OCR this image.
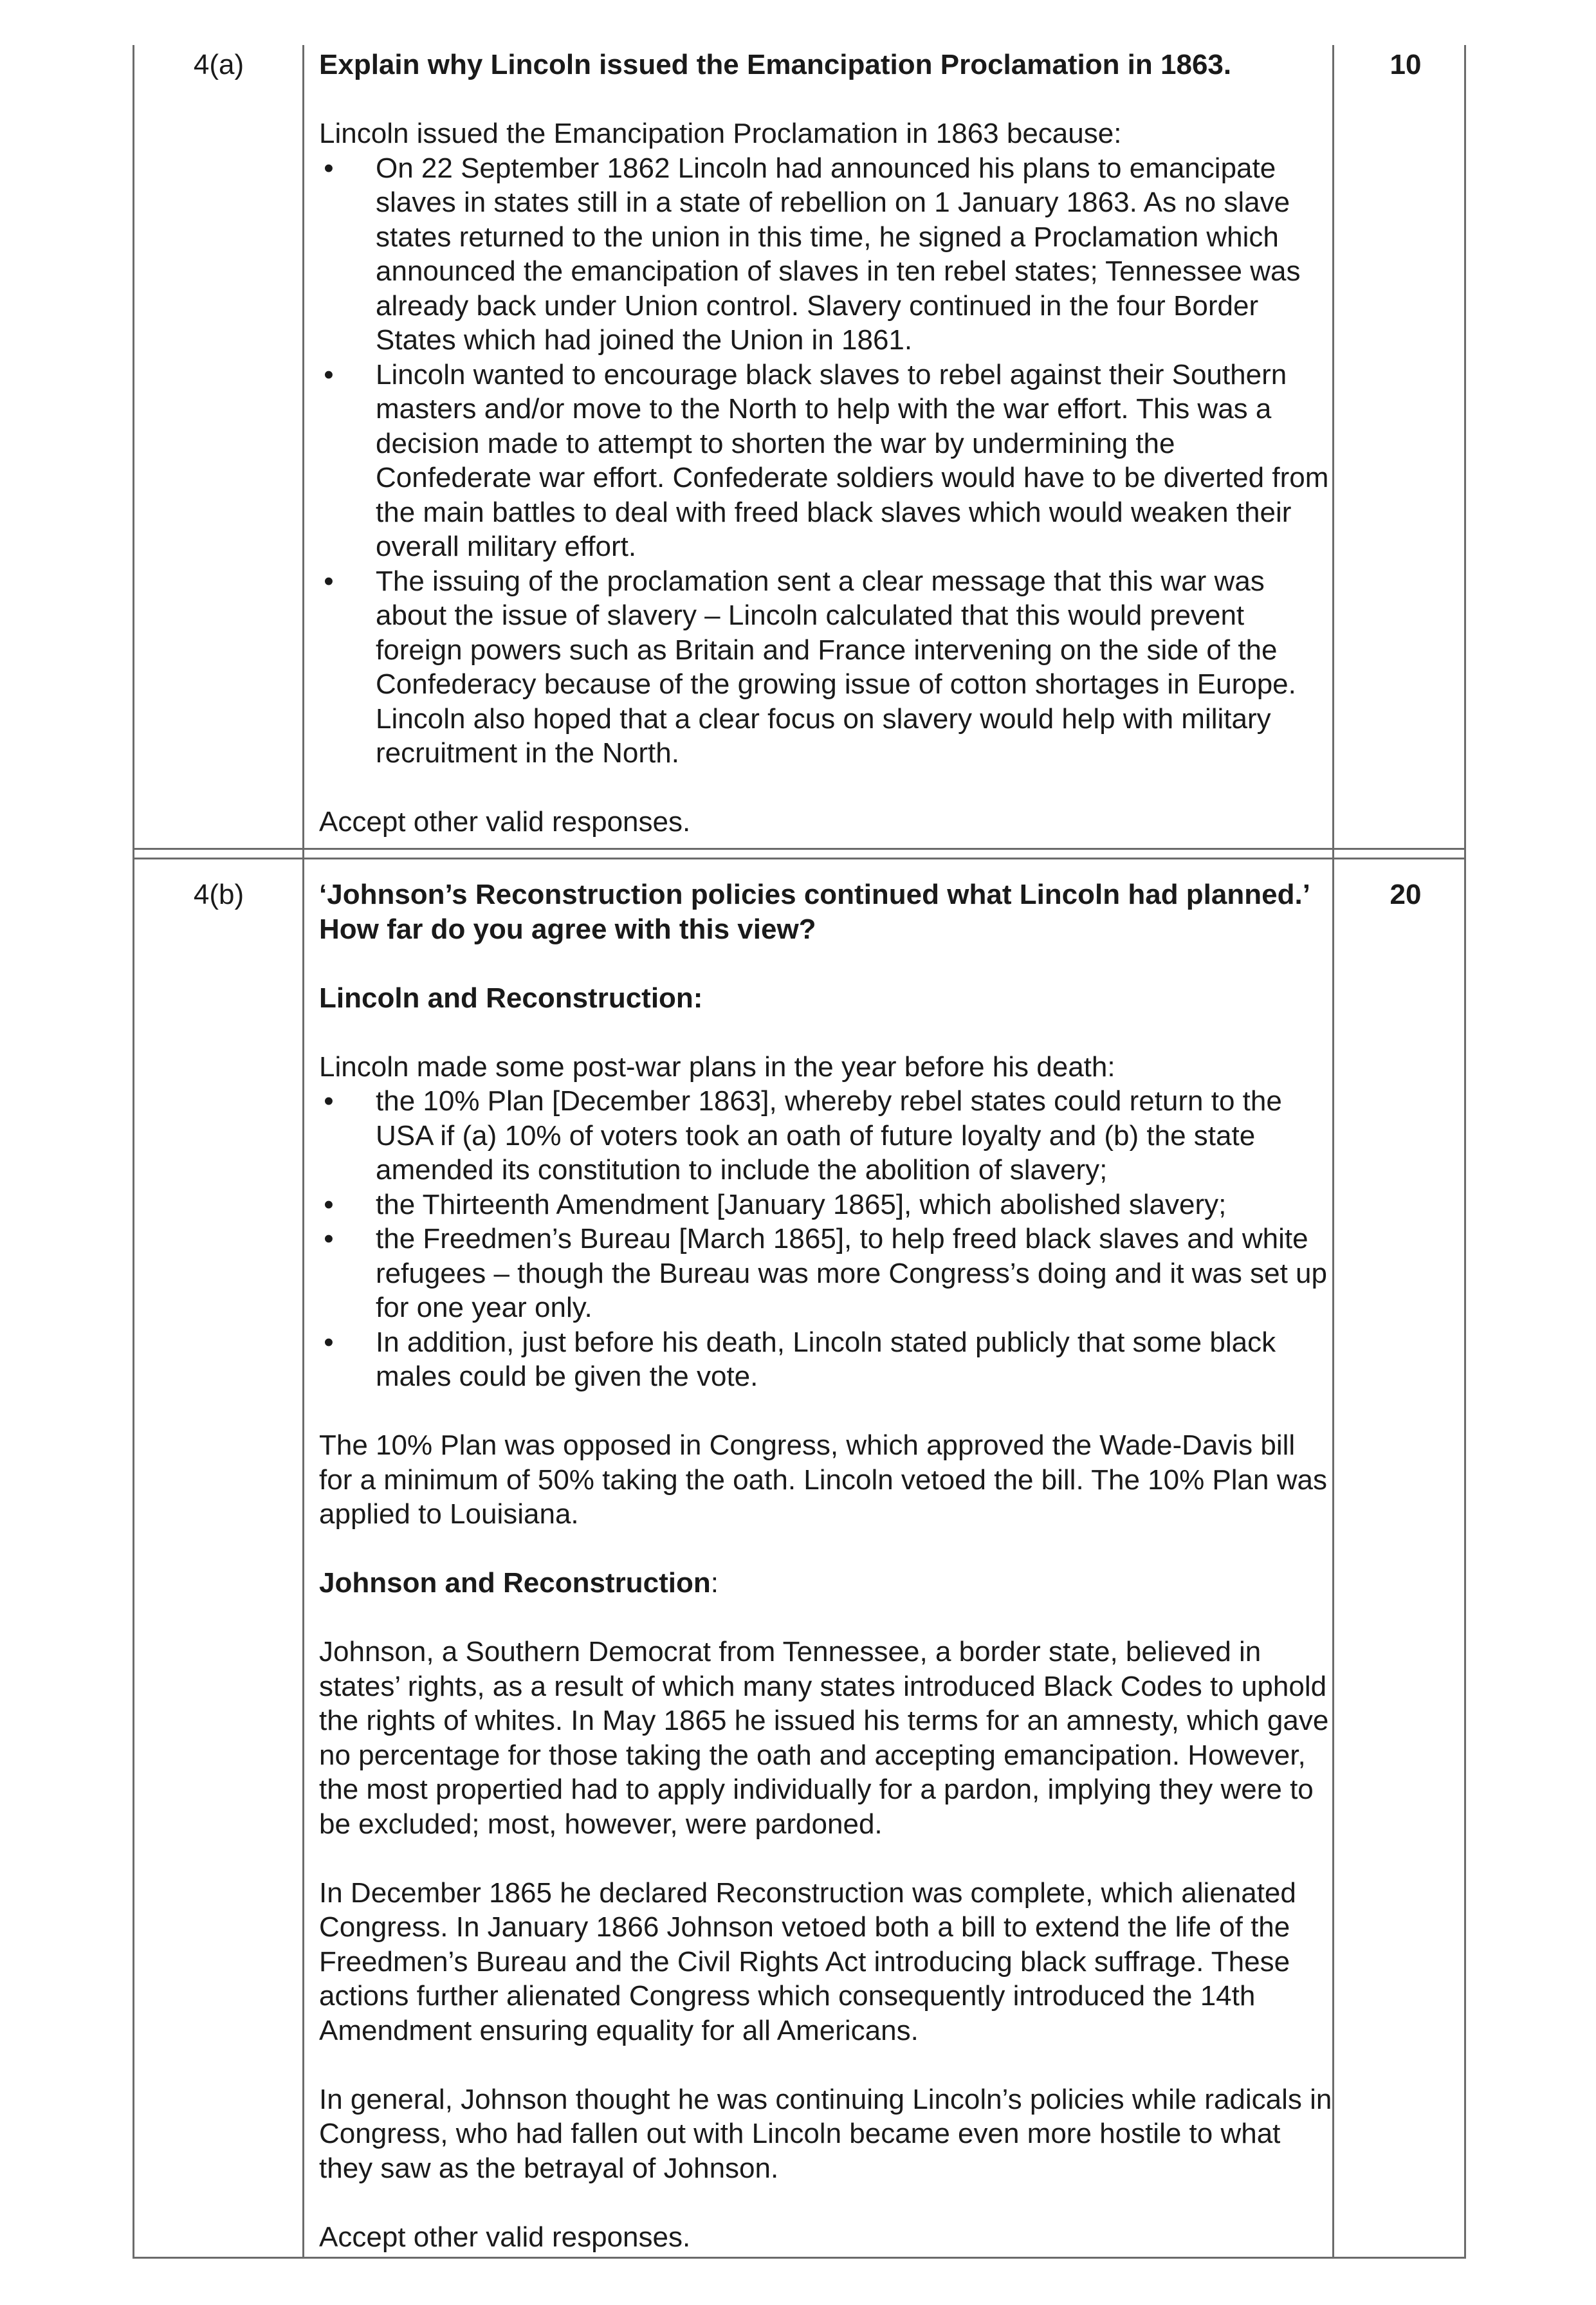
4(a)	10

Explain why Lincoln issued the Emancipation Proclamation in 1863.

Lincoln issued the Emancipation Proclamation in 1863 because:

• On 22 September 1862 Lincoln had announced his plans to emancipate slaves in states still in a state of rebellion on 1 January 1863. As no slave states returned to the union in this time, he signed a Proclamation which announced the emancipation of slaves in ten rebel states; Tennessee was already back under Union control. Slavery continued in the four Border States which had joined the Union in 1861.
• Lincoln wanted to encourage black slaves to rebel against their Southern masters and/or move to the North to help with the war effort. This was a decision made to attempt to shorten the war by undermining the Confederate war effort. Confederate soldiers would have to be diverted from the main battles to deal with freed black slaves which would weaken their overall military effort.
• The issuing of the proclamation sent a clear message that this war was about the issue of slavery – Lincoln calculated that this would prevent foreign powers such as Britain and France intervening on the side of the Confederacy because of the growing issue of cotton shortages in Europe. Lincoln also hoped that a clear focus on slavery would help with military recruitment in the North.

Accept other valid responses.

4(b)	20

‘Johnson’s Reconstruction policies continued what Lincoln had planned.’ How far do you agree with this view?

Lincoln and Reconstruction:

Lincoln made some post-war plans in the year before his death:

• the 10% Plan [December 1863], whereby rebel states could return to the USA if (a) 10% of voters took an oath of future loyalty and (b) the state amended its constitution to include the abolition of slavery;
• the Thirteenth Amendment [January 1865], which abolished slavery;
• the Freedmen’s Bureau [March 1865], to help freed black slaves and white refugees – though the Bureau was more Congress’s doing and it was set up for one year only.
• In addition, just before his death, Lincoln stated publicly that some black males could be given the vote.

The 10% Plan was opposed in Congress, which approved the Wade-Davis bill for a minimum of 50% taking the oath. Lincoln vetoed the bill. The 10% Plan was applied to Louisiana.

Johnson and Reconstruction:

Johnson, a Southern Democrat from Tennessee, a border state, believed in states’ rights, as a result of which many states introduced Black Codes to uphold the rights of whites. In May 1865 he issued his terms for an amnesty, which gave no percentage for those taking the oath and accepting emancipation. However, the most propertied had to apply individually for a pardon, implying they were to be excluded; most, however, were pardoned.

In December 1865 he declared Reconstruction was complete, which alienated Congress. In January 1866 Johnson vetoed both a bill to extend the life of the Freedmen’s Bureau and the Civil Rights Act introducing black suffrage. These actions further alienated Congress which consequently introduced the 14th Amendment ensuring equality for all Americans.

In general, Johnson thought he was continuing Lincoln’s policies while radicals in Congress, who had fallen out with Lincoln became even more hostile to what they saw as the betrayal of Johnson.

Accept other valid responses.
